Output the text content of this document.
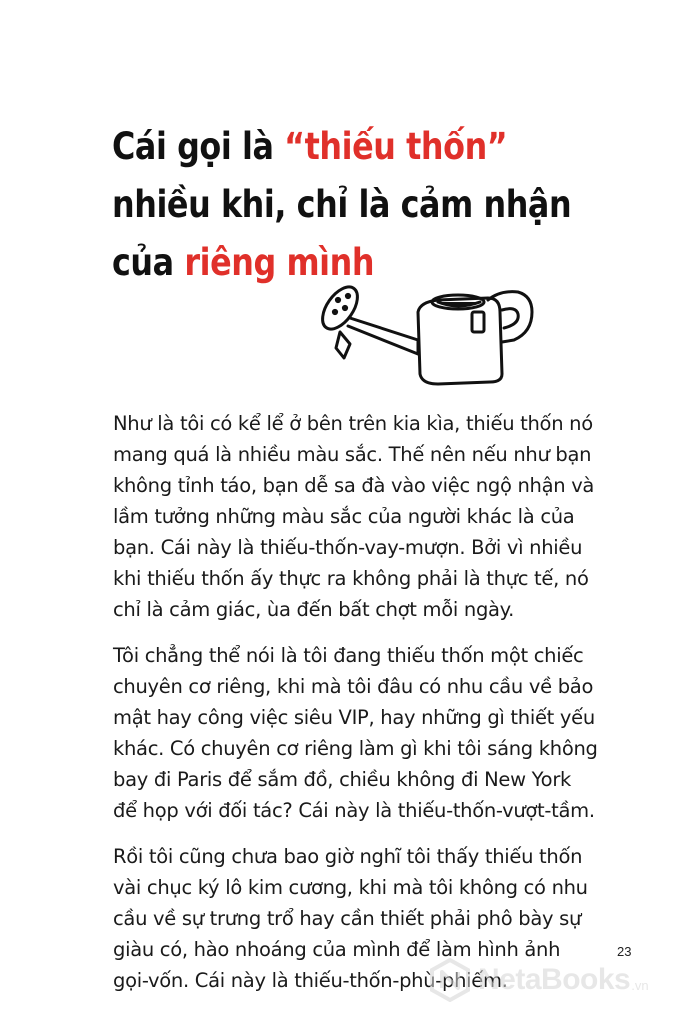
Cái gọi là “thiếu thốn”
nhiều khi, chỉ là cảm nhận
của riêng mình

Như là tôi có kể lể ở bên trên kia kìa, thiếu thốn nó mang quá là nhiều màu sắc. Thế nên nếu như bạn không tỉnh táo, bạn dễ sa đà vào việc ngộ nhận và lầm tưởng những màu sắc của người khác là của bạn. Cái này là thiếu-thốn-vay-mượn. Bởi vì nhiều khi thiếu thốn ấy thực ra không phải là thực tế, nó chỉ là cảm giác, ùa đến bất chợt mỗi ngày.

Tôi chẳng thể nói là tôi đang thiếu thốn một chiếc chuyên cơ riêng, khi mà tôi đâu có nhu cầu về bảo mật hay công việc siêu VIP, hay những gì thiết yếu khác. Có chuyên cơ riêng làm gì khi tôi sáng không bay đi Paris để sắm đồ, chiều không đi New York để họp với đối tác? Cái này là thiếu-thốn-vượt-tầm.

Rồi tôi cũng chưa bao giờ nghĩ tôi thấy thiếu thốn vài chục ký lô kim cương, khi mà tôi không có nhu cầu về sự trưng trổ hay cần thiết phải phô bày sự giàu có, hào nhoáng của mình để làm hình ảnh gọi-vốn. Cái này là thiếu-thốn-phù-phiếm.

23
NetaBooks .vn
